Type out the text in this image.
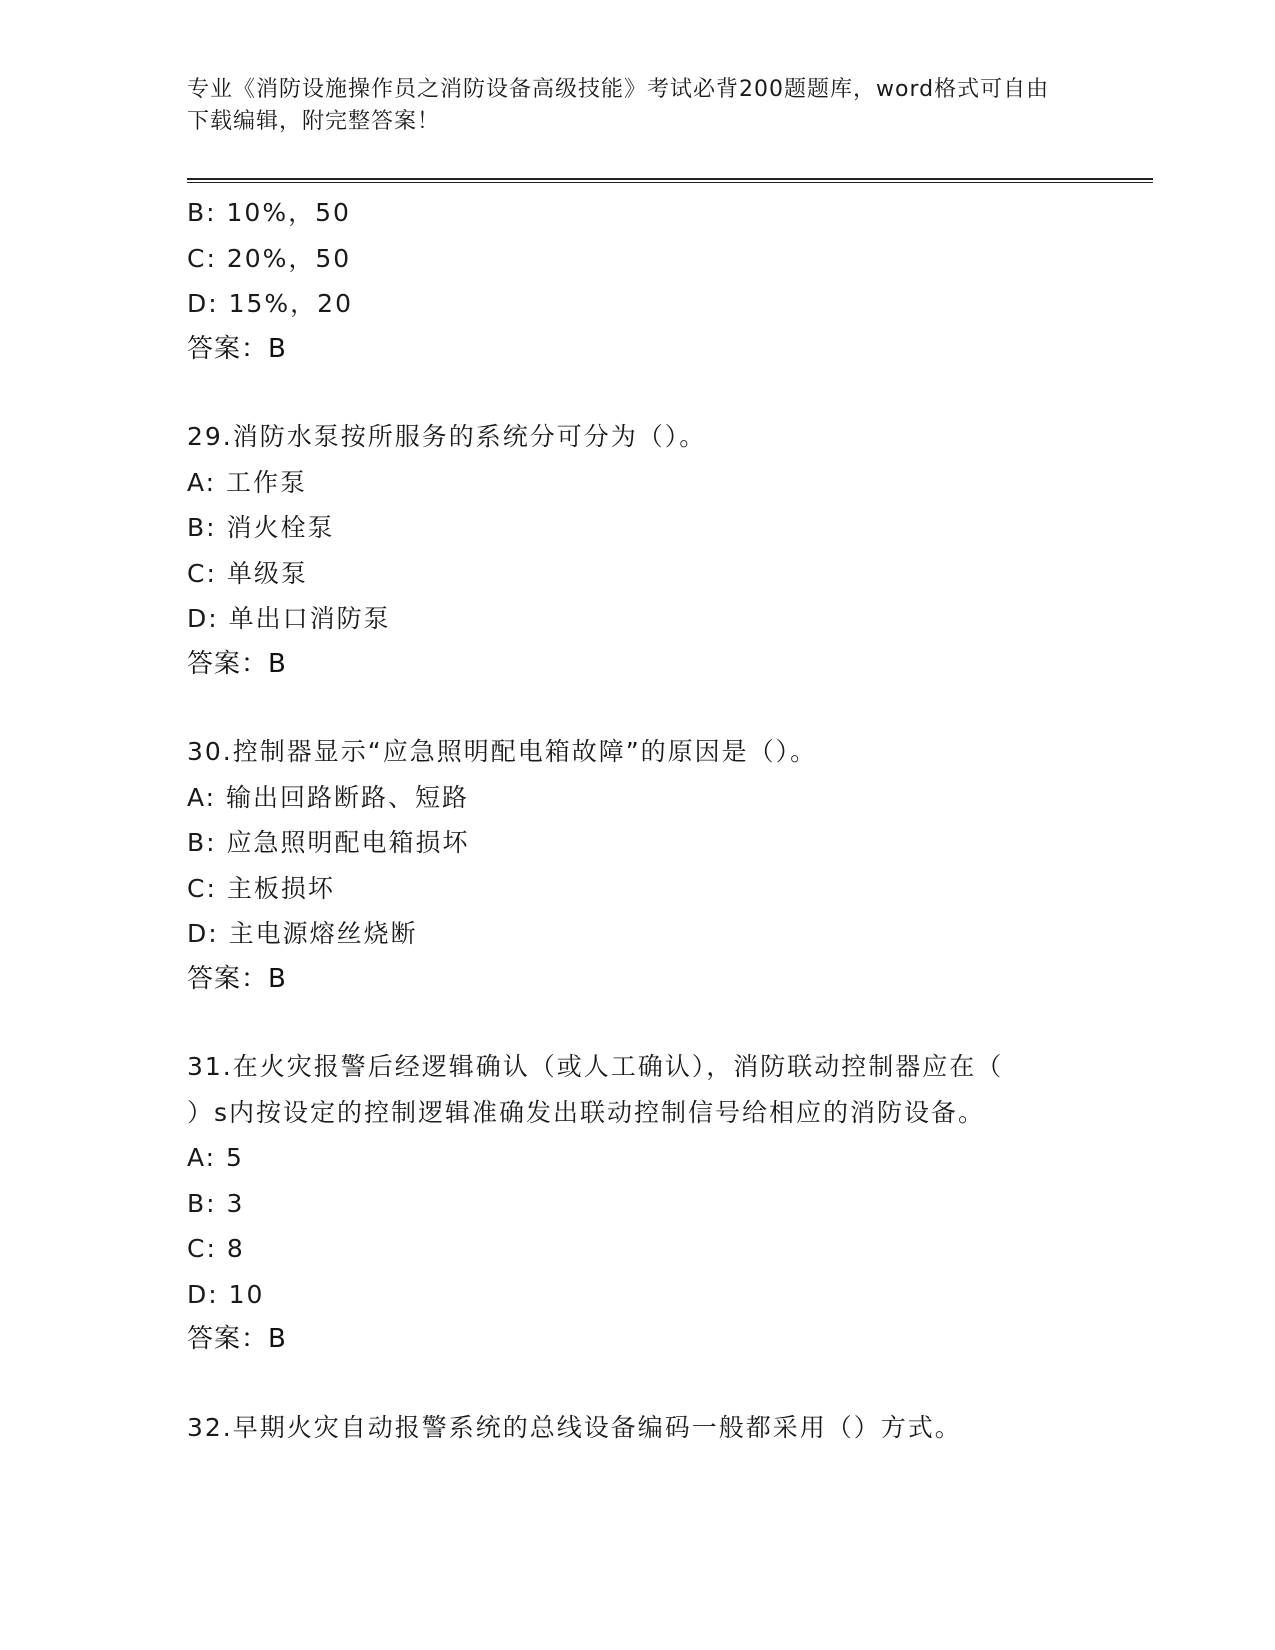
专业《消防设施操作员之消防设备高级技能》考试必背200题题库，word格式可自由下载编辑，附完整答案！
B: 10%，50
C: 20%，50
D: 15%，20
答案：B
29.消防水泵按所服务的系统分可分为（）。
A: 工作泵
B: 消火栓泵
C: 单级泵
D: 单出口消防泵
答案：B
30.控制器显示“应急照明配电箱故障”的原因是（）。
A: 输出回路断路、短路
B: 应急照明配电箱损坏
C: 主板损坏
D: 主电源熔丝烧断
答案：B
31.在火灾报警后经逻辑确认（或人工确认），消防联动控制器应在（
）s内按设定的控制逻辑准确发出联动控制信号给相应的消防设备。
A: 5
B: 3
C: 8
D: 10
答案：B
32.早期火灾自动报警系统的总线设备编码一般都采用（）方式。
